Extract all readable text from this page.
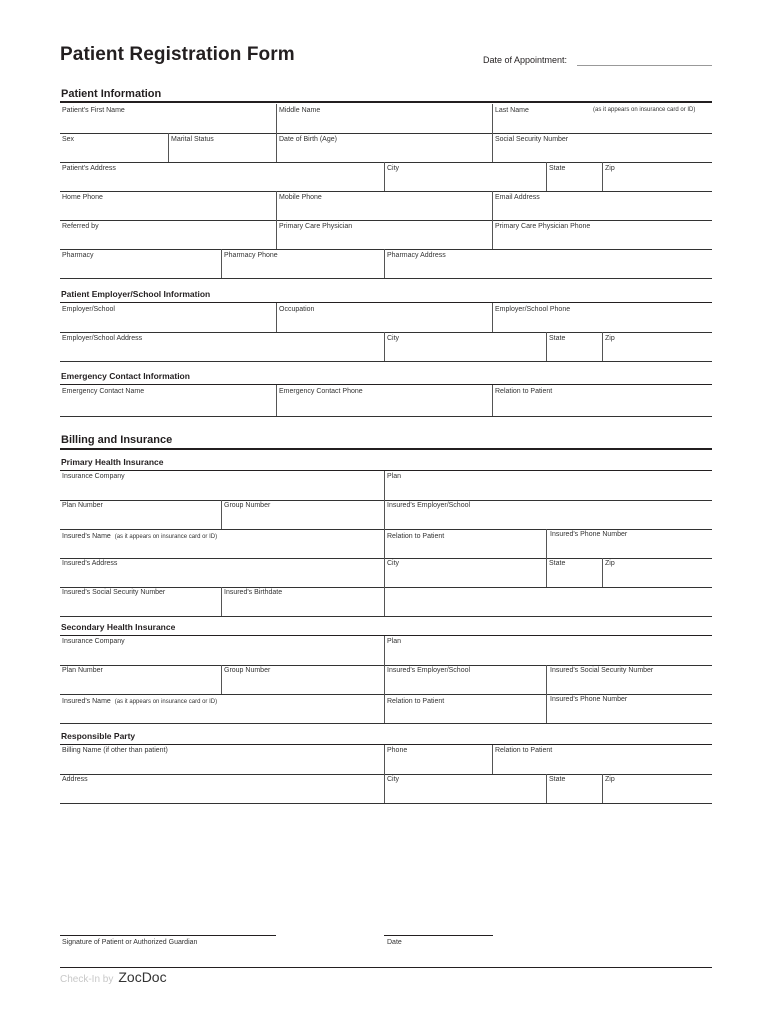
Patient Registration Form	Date of Appointment:
Patient Information
Patient's First Name	Middle Name	Last Name	(as it appears on insurance card or ID)
Sex	Marital Status	Date of Birth (Age)	Social Security Number
Patient's Address	City	State	Zip
Home Phone	Mobile Phone	Email Address
Referred by	Primary Care Physician	Primary Care Physician Phone
Pharmacy	Pharmacy Phone	Pharmacy Address
Patient Employer/School Information
Employer/School	Occupation	Employer/School Phone
Employer/School Address	City	State	Zip
Emergency Contact Information
Emergency Contact Name	Emergency Contact Phone	Relation to Patient
Billing and Insurance
Primary Health Insurance
Insurance Company	Plan
Plan Number	Group Number	Insured's Employer/School
Insured's Name (as it appears on insurance card or ID)	Relation to Patient	Insured's Phone Number
Insured's Address	City	State	Zip
Insured's Social Security Number	Insured's Birthdate
Secondary Health Insurance
Insurance Company	Plan
Plan Number	Group Number	Insured's Employer/School	Insured's Social Security Number
Insured's Name (as it appears on insurance card or ID)	Relation to Patient	Insured's Phone Number
Responsible Party
Billing Name (if other than patient)	Phone	Relation to Patient
Address	City	State	Zip
Signature of Patient or Authorized Guardian	Date
Check-In by ZocDoc
